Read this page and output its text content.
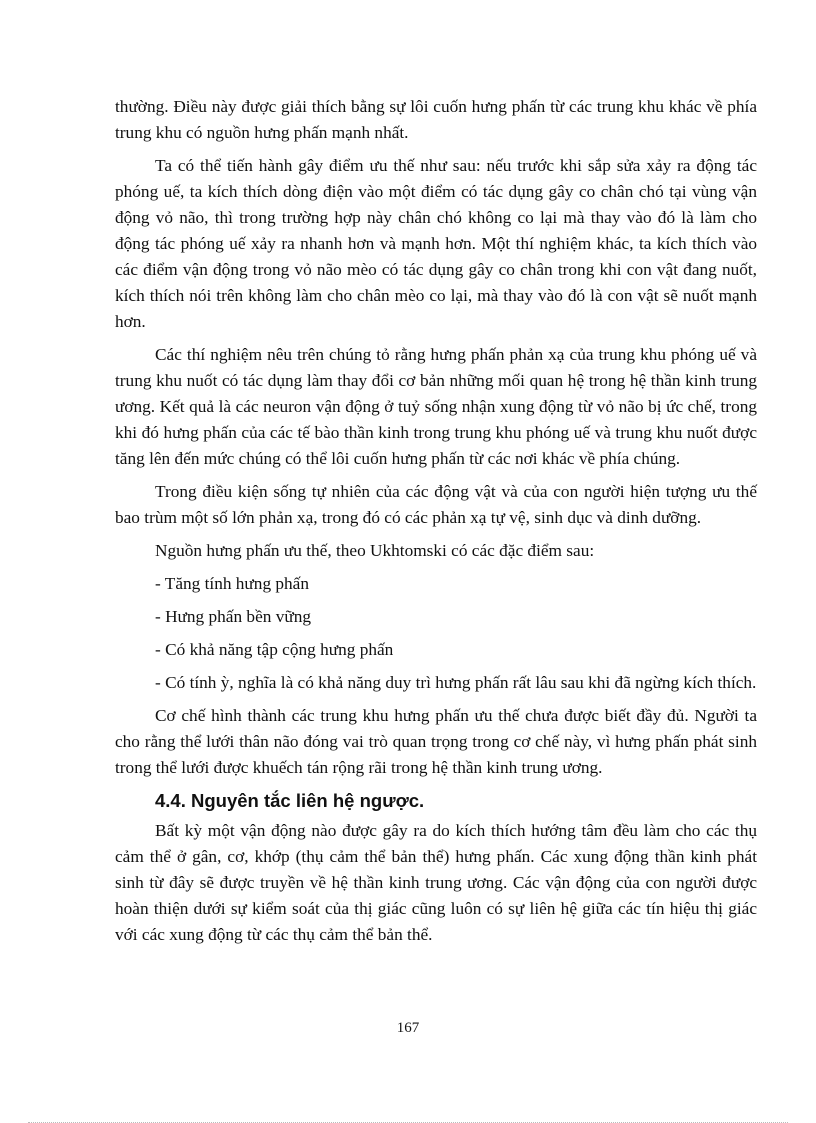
thường. Điều này được giải thích bằng sự lôi cuốn hưng phấn từ các trung khu khác về phía trung khu có nguồn hưng phấn mạnh nhất.

Ta có thể tiến hành gây điểm ưu thế như sau: nếu trước khi sắp sửa xảy ra động tác phóng uế, ta kích thích dòng điện vào một điểm có tác dụng gây co chân chó tại vùng vận động vỏ não, thì trong trường hợp này chân chó không co lại mà thay vào đó là làm cho động tác phóng uế xảy ra nhanh hơn và mạnh hơn. Một thí nghiệm khác, ta kích thích vào các điểm vận động trong vỏ não mèo có tác dụng gây co chân trong khi con vật đang nuốt, kích thích nói trên không làm cho chân mèo co lại, mà thay vào đó là con vật sẽ nuốt mạnh hơn.

Các thí nghiệm nêu trên chúng tỏ rằng hưng phấn phản xạ của trung khu phóng uế và trung khu nuốt có tác dụng làm thay đổi cơ bản những mối quan hệ trong hệ thần kinh trung ương. Kết quả là các neuron vận động ở tuỷ sống nhận xung động từ vỏ não bị ức chế, trong khi đó hưng phấn của các tế bào thần kinh trong trung khu phóng uế và trung khu nuốt được tăng lên đến mức chúng có thể lôi cuốn hưng phấn từ các nơi khác về phía chúng.

Trong điều kiện sống tự nhiên của các động vật và của con người hiện tượng ưu thế bao trùm một số lớn phản xạ, trong đó có các phản xạ tự vệ, sinh dục và dinh dưỡng.

Nguồn hưng phấn ưu thế, theo Ukhtomski có các đặc điểm sau:

- Tăng tính hưng phấn

- Hưng phấn bền vững

- Có khả năng tập cộng hưng phấn

- Có tính ỳ, nghĩa là có khả năng duy trì hưng phấn rất lâu sau khi đã ngừng kích thích.

Cơ chế hình thành các trung khu hưng phấn ưu thế chưa được biết đầy đủ. Người ta cho rằng thể lưới thân não đóng vai trò quan trọng trong cơ chế này, vì hưng phấn phát sinh trong thể lưới được khuếch tán rộng rãi trong hệ thần kinh trung ương.

4.4. Nguyên tắc liên hệ ngược.

Bất kỳ một vận động nào được gây ra do kích thích hướng tâm đều làm cho các thụ cảm thể ở gân, cơ, khớp (thụ cảm thể bản thể) hưng phấn. Các xung động thần kinh phát sinh từ đây sẽ được truyền về hệ thần kinh trung ương. Các vận động của con người được hoàn thiện dưới sự kiểm soát của thị giác cũng luôn có sự liên hệ giữa các tín hiệu thị giác với các xung động từ các thụ cảm thể bản thể.

167
